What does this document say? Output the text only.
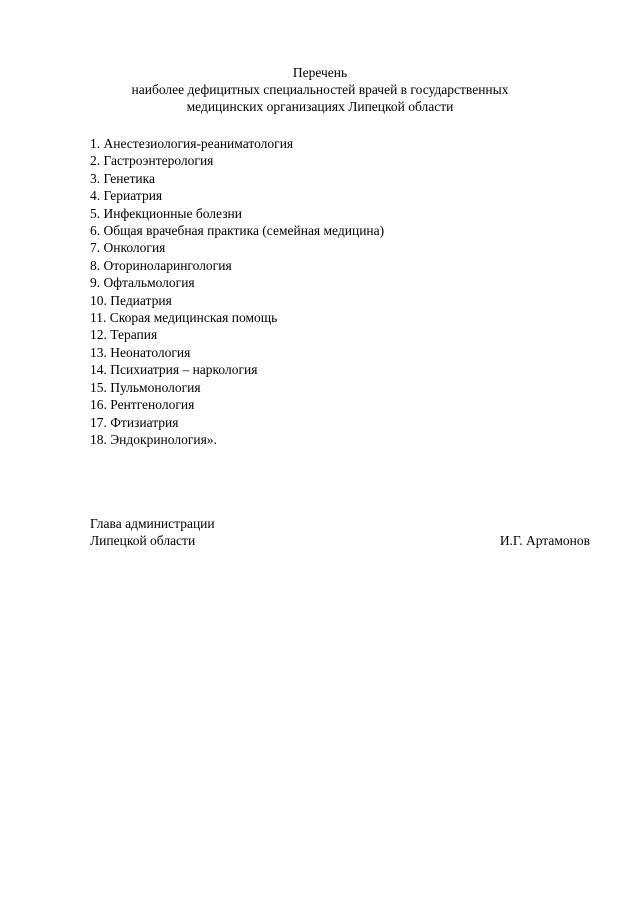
Перечень
наиболее дефицитных специальностей врачей в государственных
медицинских организациях Липецкой области
1. Анестезиология-реаниматология
2. Гастроэнтерология
3. Генетика
4. Гериатрия
5. Инфекционные болезни
6. Общая врачебная практика (семейная медицина)
7. Онкология
8. Оториноларингология
9. Офтальмология
10. Педиатрия
11. Скорая медицинская помощь
12. Терапия
13. Неонатология
14. Психиатрия – наркология
15. Пульмонология
16. Рентгенология
17. Фтизиатрия
18. Эндокринология».
Глава администрации
Липецкой области	И.Г. Артамонов
